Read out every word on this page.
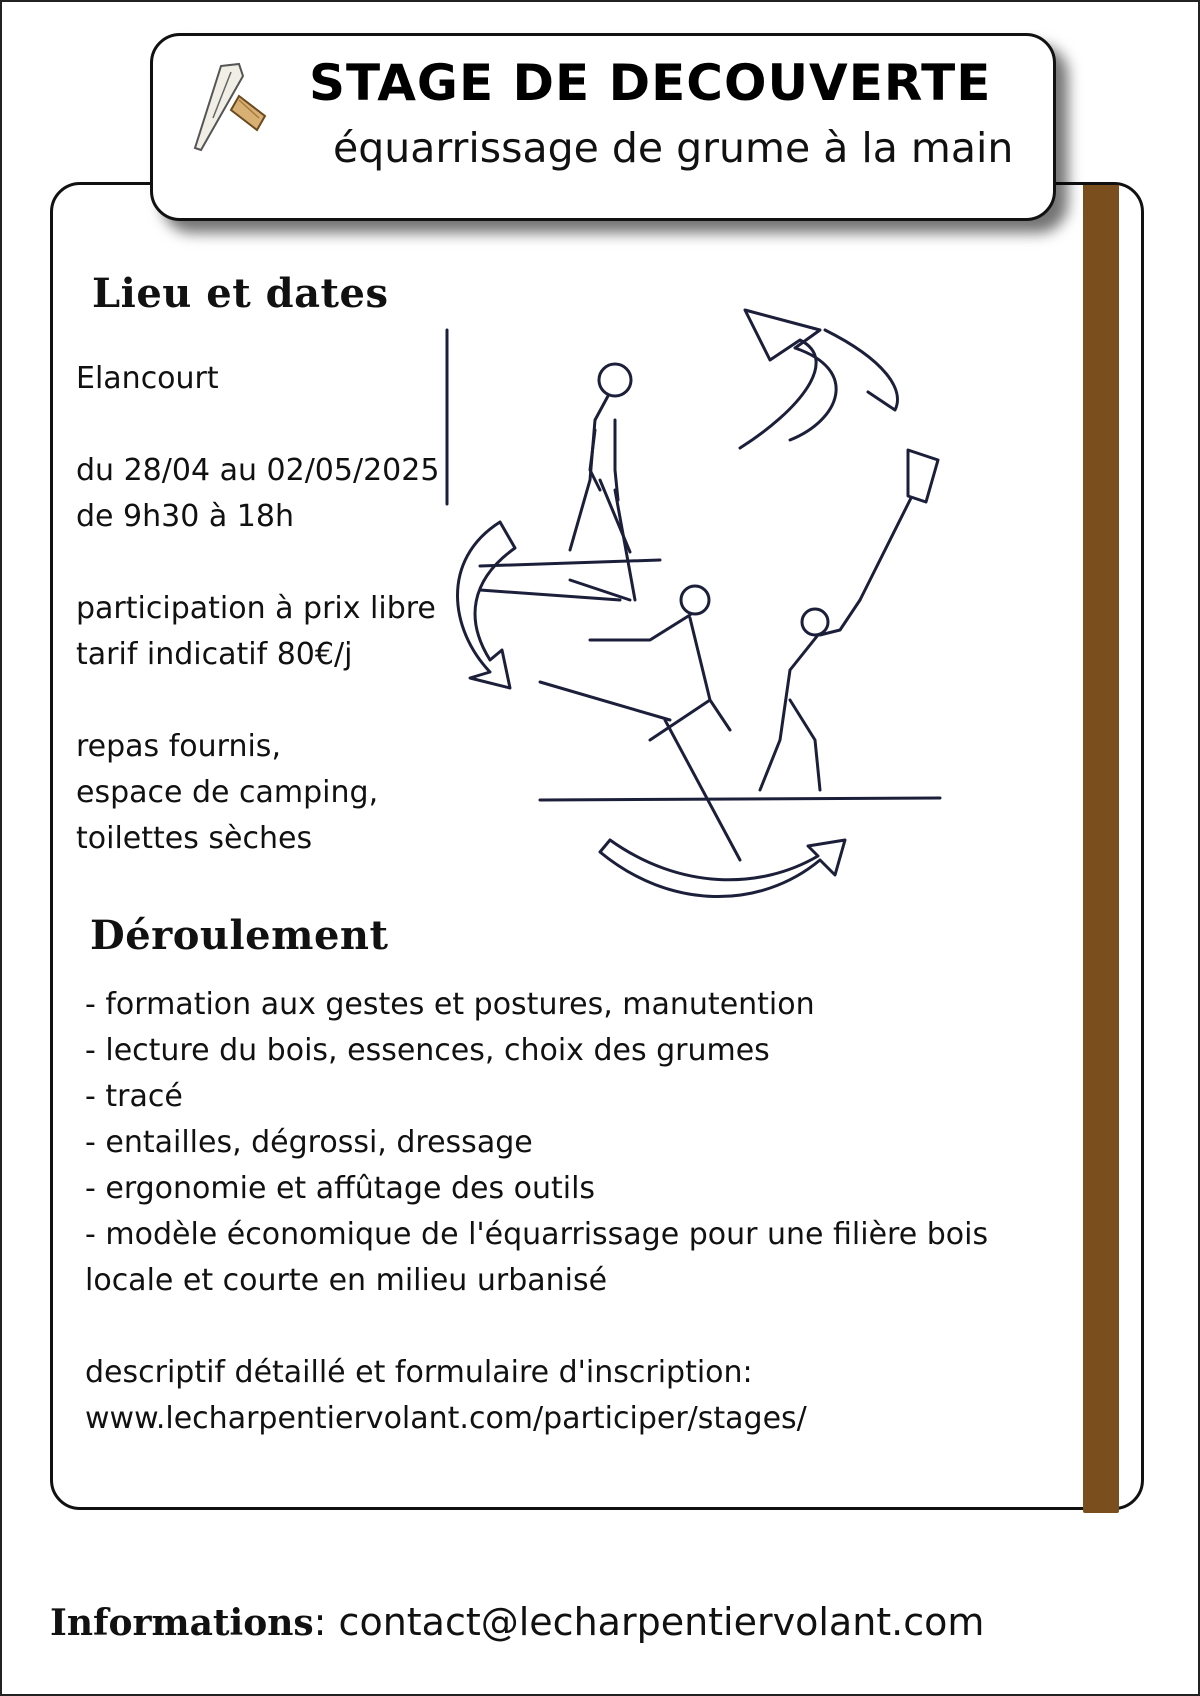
STAGE DE DECOUVERTE
équarrissage de grume à la main
Lieu et dates
Elancourt
du 28/04 au 02/05/2025
de 9h30 à 18h
participation à prix libre
tarif indicatif 80€/j
repas fournis,
espace de camping,
toilettes sèches
Déroulement
- formation aux gestes et postures, manutention
- lecture du bois, essences, choix des grumes
- tracé
- entailles, dégrossi, dressage
- ergonomie et affûtage des outils
- modèle économique de l'équarrissage pour une filière bois
locale et courte en milieu urbanisé
descriptif détaillé et formulaire d'inscription:
www.lecharpentiervolant.com/participer/stages/
Informations: contact@lecharpentiervolant.com
